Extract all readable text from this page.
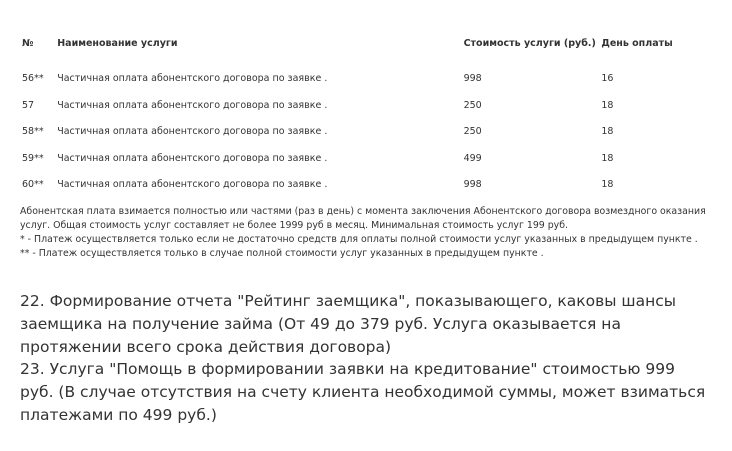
№	Наименование услуги	Стоимость услуги (руб.)	День оплаты
56**	Частичная оплата абонентского договора по заявке .	998	16
57	Частичная оплата абонентского договора по заявке .	250	18
58**	Частичная оплата абонентского договора по заявке .	250	18
59**	Частичная оплата абонентского договора по заявке .	499	18
60**	Частичная оплата абонентского договора по заявке .	998	18

Абонентская плата взимается полностью или частями (раз в день) с момента заключения Абонентского договора возмездного оказания услуг. Общая стоимость услуг составляет не более 1999 руб в месяц. Минимальная стоимость услуг 199 руб.

* - Платеж осуществляется только если не достаточно средств для оплаты полной стоимости услуг указанных в предыдущем пункте .

** - Платеж осуществляется только в случае полной стоимости услуг указанных в предыдущем пункте .

22. Формирование отчета "Рейтинг заемщика", показывающего, каковы шансы заемщика на получение займа (От 49 до 379 руб. Услуга оказывается на протяжении всего срока действия договора)

23. Услуга "Помощь в формировании заявки на кредитование" стоимостью 999 руб. (В случае отсутствия на счету клиента необходимой суммы, может взиматься платежами по 499 руб.)
